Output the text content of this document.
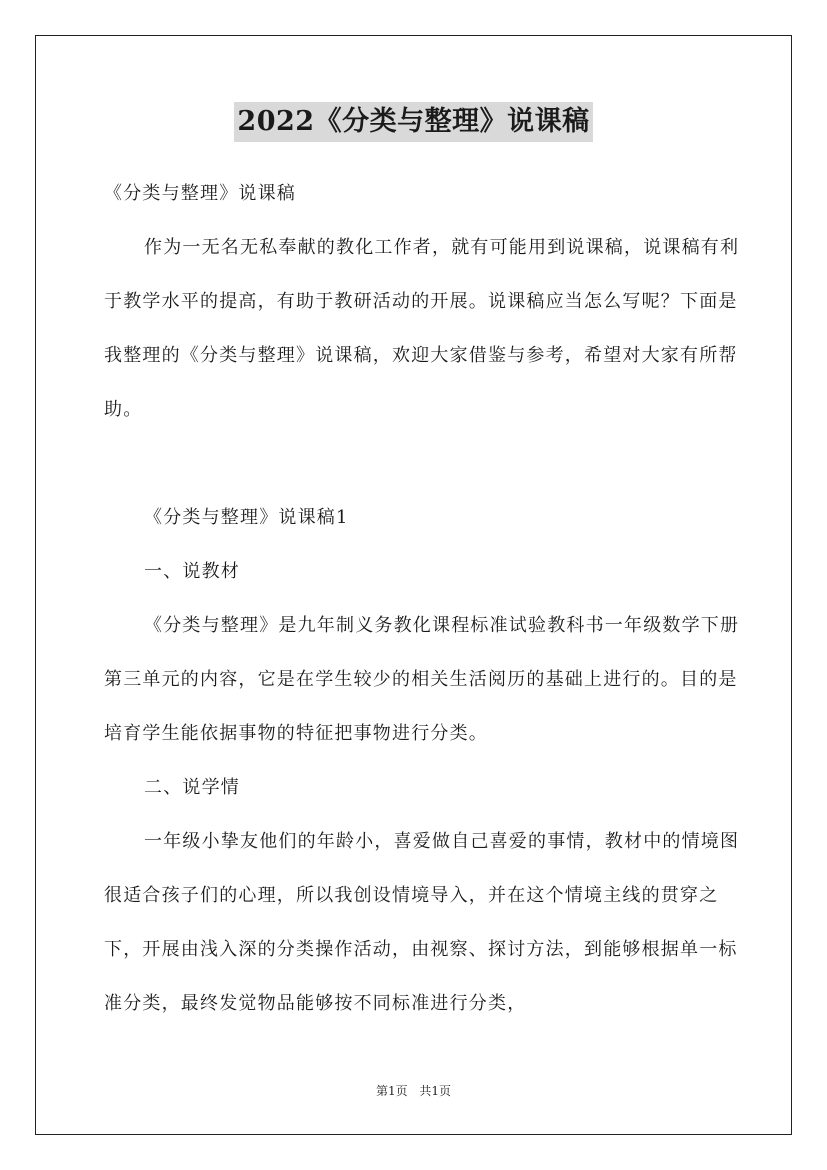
2022《分类与整理》说课稿

《分类与整理》说课稿

作为一无名无私奉献的教化工作者，就有可能用到说课稿，说课稿有利于教学水平的提高，有助于教研活动的开展。说课稿应当怎么写呢？下面是我整理的《分类与整理》说课稿，欢迎大家借鉴与参考，希望对大家有所帮助。

《分类与整理》说课稿1

一、说教材

《分类与整理》是九年制义务教化课程标准试验教科书一年级数学下册第三单元的内容，它是在学生较少的相关生活阅历的基础上进行的。目的是培育学生能依据事物的特征把事物进行分类。

二、说学情

一年级小挚友他们的年龄小，喜爱做自己喜爱的事情，教材中的情境图很适合孩子们的心理，所以我创设情境导入，并在这个情境主线的贯穿之下，开展由浅入深的分类操作活动，由视察、探讨方法，到能够根据单一标准分类，最终发觉物品能够按不同标准进行分类，

第1页 共1页
